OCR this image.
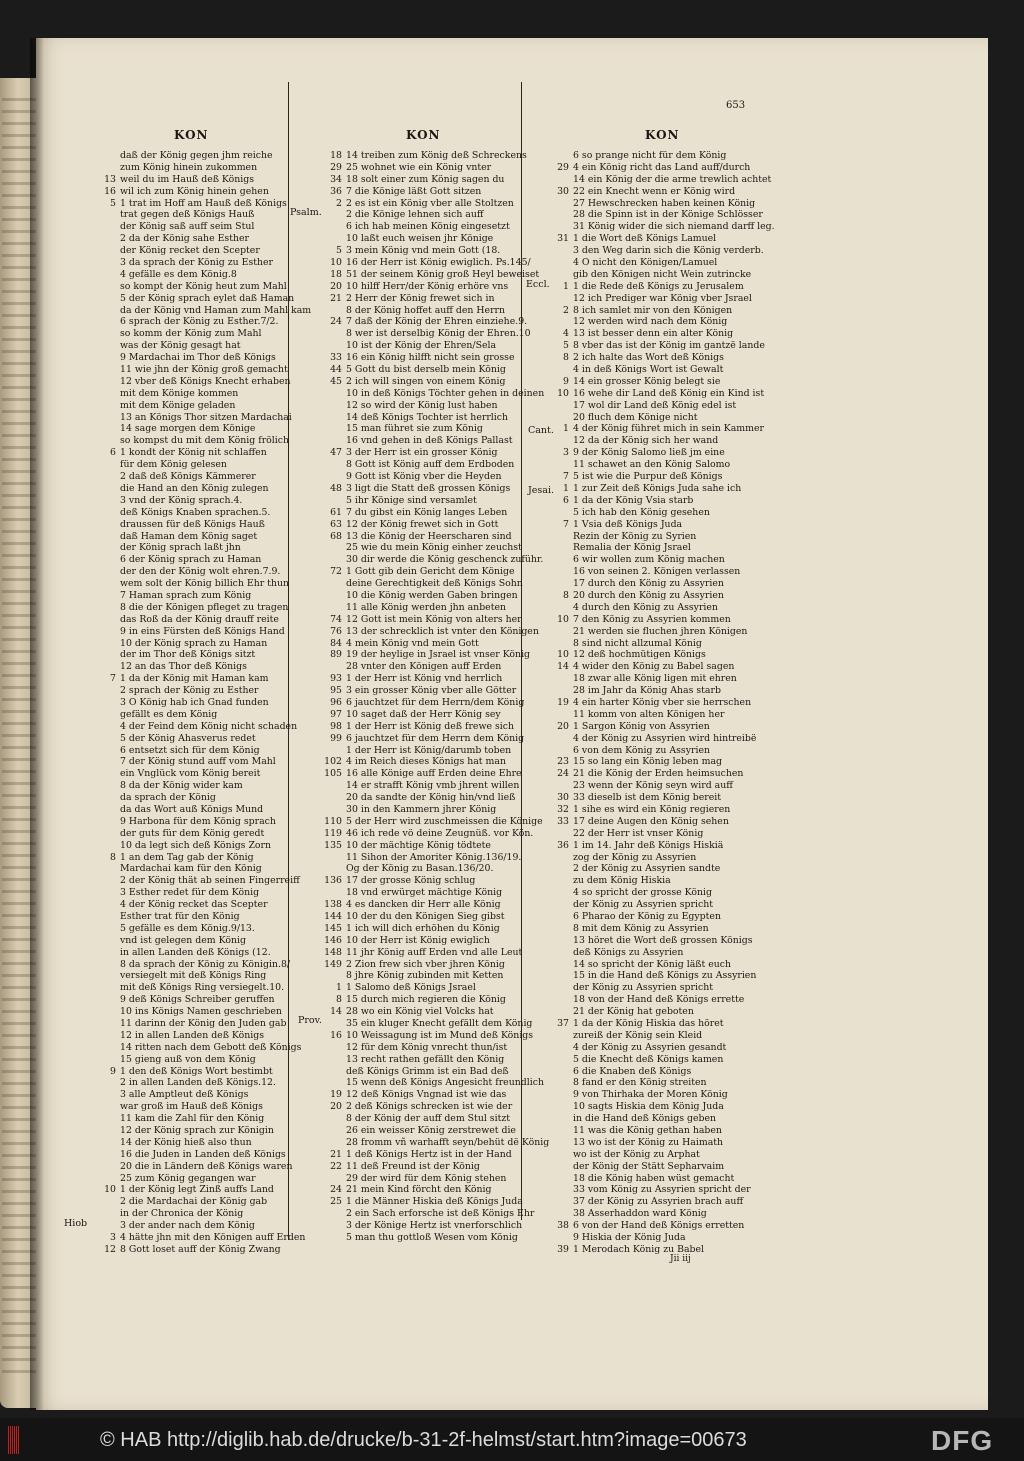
Psalm.
Eccl.
Cant.
Jesai.
Prov.
Hiob
653
Jii iij
KON
daß der König gegen jhm reiche
zum König hinein zukommen
13 weil du im Hauß deß Königs
16 wil ich zum König hinein gehen
5 1 trat im Hoff am Hauß deß Königs
trat gegen deß Königs Hauß
der König saß auff seim Stul
2 da der König sahe Esther
der König recket den Scepter
3 da sprach der König zu Esther
4 gefälle es dem König.8
so kompt der König heut zum Mahl
5 der König sprach eylet daß Haman
da der König vnd Haman zum Mahl kam
6 sprach der König zu Esther.7/2.
so komm der König zum Mahl
was der König gesagt hat
9 Mardachai im Thor deß Königs
11 wie jhn der König groß gemacht
12 vber deß Königs Knecht erhaben
mit dem Könige kommen
mit dem Könige geladen
13 an Königs Thor sitzen Mardachai
14 sage morgen dem Könige
so kompst du mit dem König frölich
6 1 kondt der König nit schlaffen
für dem König gelesen
2 daß deß Königs Kämmerer
die Hand an den König zulegen
3 vnd der König sprach.4.
deß Königs Knaben sprachen.5.
draussen für deß Königs Hauß
daß Haman dem König saget
der König sprach laßt jhn
6 der König sprach zu Haman
der den der König wolt ehren.7.9.
wem solt der König billich Ehr thun
7 Haman sprach zum König
8 die der Königen pfleget zu tragen
das Roß da der König drauff reite
9 in eins Fürsten deß Königs Hand
10 der König sprach zu Haman
der im Thor deß Königs sitzt
12 an das Thor deß Königs
7 1 da der König mit Haman kam
2 sprach der König zu Esther
3 O König hab ich Gnad funden
gefällt es dem König
4 der Feind dem König nicht schaden
5 der König Ahasverus redet
6 entsetzt sich für dem König
7 der König stund auff vom Mahl
ein Vnglück vom König bereit
8 da der König wider kam
da sprach der König
da das Wort auß Königs Mund
9 Harbona für dem König sprach
der guts für dem König geredt
10 da legt sich deß Königs Zorn
8 1 an dem Tag gab der König
Mardachai kam für den König
2 der König thät ab seinen Fingerreiff
3 Esther redet für dem König
4 der König recket das Scepter
Esther trat für den König
5 gefälle es dem König.9/13.
vnd ist gelegen dem König
in allen Landen deß Königs (12.
8 da sprach der König zu Königin.8/
versiegelt mit deß Königs Ring
mit deß Königs Ring versiegelt.10.
9 deß Königs Schreiber geruffen
10 ins Königs Namen geschrieben
11 darinn der König den Juden gab
12 in allen Landen deß Königs
14 ritten nach dem Gebott deß Königs
15 gieng auß von dem König
9 1 den deß Königs Wort bestimbt
2 in allen Landen deß Königs.12.
3 alle Amptleut deß Königs
war groß im Hauß deß Königs
11 kam die Zahl für den König
12 der König sprach zur Königin
14 der König hieß also thun
16 die Juden in Landen deß Königs
20 die in Ländern deß Königs waren
25 zum König gegangen war
10 1 der König legt Zinß auffs Land
2 die Mardachai der König gab
in der Chronica der König
3 der ander nach dem König
3 4 hätte jhn mit den Königen auff Erden
12 8 Gott loset auff der König Zwang
KON
18 14 treiben zum König deß Schreckens
29 25 wohnet wie ein König vnter
34 18 solt einer zum König sagen du
36 7 die Könige läßt Gott sitzen
2 2 es ist ein König vber alle Stoltzen
2 die Könige lehnen sich auff
6 ich hab meinen König eingesetzt
10 laßt euch weisen jhr Könige
5 3 mein König vnd mein Gott (18.
10 16 der Herr ist König ewiglich. Ps.145/
18 51 der seinem König groß Heyl beweiset
20 10 hilff Herr/der König erhöre vns
21 2 Herr der König frewet sich in
8 der König hoffet auff den Herrn
24 7 daß der König der Ehren einziehe.9.
8 wer ist derselbig König der Ehren.10
10 ist der König der Ehren/Sela
33 16 ein König hilfft nicht sein grosse
44 5 Gott du bist derselb mein König
45 2 ich will singen von einem König
10 in deß Königs Töchter gehen in deinen
12 so wird der König lust haben
14 deß Königs Tochter ist herrlich
15 man führet sie zum König
16 vnd gehen in deß Königs Pallast
47 3 der Herr ist ein grosser König
8 Gott ist König auff dem Erdboden
9 Gott ist König vber die Heyden
48 3 ligt die Statt deß grossen Königs
5 ihr Könige sind versamlet
61 7 du gibst ein König langes Leben
63 12 der König frewet sich in Gott
68 13 die König der Heerscharen sind
25 wie du mein König einher zeuchst
30 dir werde die König geschenck zuführ.
72 1 Gott gib dein Gericht dem Könige
deine Gerechtigkeit deß Königs Sohn
10 die König werden Gaben bringen
11 alle König werden jhn anbeten
74 12 Gott ist mein König von alters her
76 13 der schrecklich ist vnter den Königen
84 4 mein König vnd mein Gott
89 19 der heylige in Jsrael ist vnser König
28 vnter den Königen auff Erden
93 1 der Herr ist König vnd herrlich
95 3 ein grosser König vber alle Götter
96 6 jauchtzet für dem Herrn/dem König
97 10 saget daß der Herr König sey
98 1 der Herr ist König deß frewe sich
99 6 jauchtzet für dem Herrn dem König
1 der Herr ist König/darumb toben
102 4 im Reich dieses Königs hat man
105 16 alle Könige auff Erden deine Ehre
14 er strafft König vmb jhrent willen
20 da sandte der König hin/vnd ließ
30 in den Kammern jhrer König
110 5 der Herr wird zuschmeissen die Könige
119 46 ich rede vö deine Zeugnüß. vor Kön.
135 10 der mächtige König tödtete
11 Sihon der Amoriter König.136/19.
Og der König zu Basan.136/20.
136 17 der grosse König schlug
18 vnd erwürget mächtige König
138 4 es dancken dir Herr alle König
144 10 der du den Königen Sieg gibst
145 1 ich will dich erhöhen du König
146 10 der Herr ist König ewiglich
148 11 jhr König auff Erden vnd alle Leut
149 2 Zion frew sich vber jhren König
8 jhre König zubinden mit Ketten
1 1 Salomo deß Königs Jsrael
8 15 durch mich regieren die König
14 28 wo ein König viel Volcks hat
35 ein kluger Knecht gefällt dem König
16 10 Weissagung ist im Mund deß Königs
12 für dem König vnrecht thun/ist
13 recht rathen gefällt den König
deß Königs Grimm ist ein Bad deß
15 wenn deß Königs Angesicht freundlich
19 12 deß Königs Vngnad ist wie das
20 2 deß Königs schrecken ist wie der
8 der König der auff dem Stul sitzt
26 ein weisser König zerstrewet die
28 fromm vñ warhafft seyn/behüt dë König
21 1 deß Königs Hertz ist in der Hand
22 11 deß Freund ist der König
29 der wird für dem König stehen
24 21 mein Kind förcht den König
25 1 die Männer Hiskia deß Königs Juda
2 ein Sach erforsche ist deß Königs Ehr
3 der Könige Hertz ist vnerforschlich
5 man thu gottloß Wesen vom König
KON
6 so prange nicht für dem König
29 4 ein König richt das Land auff/durch
14 ein König der die arme trewlich achtet
30 22 ein Knecht wenn er König wird
27 Hewschrecken haben keinen König
28 die Spinn ist in der Könige Schlösser
31 König wider die sich niemand darff leg.
31 1 die Wort deß Königs Lamuel
3 den Weg darin sich die König verderb.
4 O nicht den Königen/Lamuel
gib den Königen nicht Wein zutrincke
1 1 die Rede deß Königs zu Jerusalem
12 ich Prediger war König vber Jsrael
2 8 ich samlet mir von den Königen
12 werden wird nach dem König
4 13 ist besser denn ein alter König
5 8 vber das ist der König im gantzë lande
8 2 ich halte das Wort deß Königs
4 in deß Königs Wort ist Gewalt
9 14 ein grosser König belegt sie
10 16 wehe dir Land deß König ein Kind ist
17 wol dir Land deß König edel ist
20 fluch dem Könige nicht
1 4 der König führet mich in sein Kammer
12 da der König sich her wand
3 9 der König Salomo ließ jm eine
11 schawet an den König Salomo
7 5 ist wie die Purpur deß Königs
1 1 zur Zeit deß Königs Juda sahe ich
6 1 da der König Vsia starb
5 ich hab den König gesehen
7 1 Vsia deß Königs Juda
Rezin der König zu Syrien
Remalia der König Jsrael
6 wir wollen zum König machen
16 von seinen 2. Königen verlassen
17 durch den König zu Assyrien
8 20 durch den König zu Assyrien
4 durch den König zu Assyrien
10 7 den König zu Assyrien kommen
21 werden sie fluchen jhren Königen
8 sind nicht allzumal König
10 12 deß hochmütigen Königs
14 4 wider den König zu Babel sagen
18 zwar alle König ligen mit ehren
28 im Jahr da König Ahas starb
19 4 ein harter König vber sie herrschen
11 komm von alten Königen her
20 1 Sargon König von Assyrien
4 der König zu Assyrien wird hintreibë
6 von dem König zu Assyrien
23 15 so lang ein König leben mag
24 21 die König der Erden heimsuchen
23 wenn der König seyn wird auff
30 33 dieselb ist dem König bereit
32 1 sihe es wird ein König regieren
33 17 deine Augen den König sehen
22 der Herr ist vnser König
36 1 im 14. Jahr deß Königs Hiskiä
zog der König zu Assyrien
2 der König zu Assyrien sandte
zu dem König Hiskia
4 so spricht der grosse König
der König zu Assyrien spricht
6 Pharao der König zu Egypten
8 mit dem König zu Assyrien
13 höret die Wort deß grossen Königs
deß Königs zu Assyrien
14 so spricht der König läßt euch
15 in die Hand deß Königs zu Assyrien
der König zu Assyrien spricht
18 von der Hand deß Königs errette
21 der König hat geboten
37 1 da der König Hiskia das höret
zureiß der König sein Kleid
4 der König zu Assyrien gesandt
5 die Knecht deß Königs kamen
6 die Knaben deß Königs
8 fand er den König streiten
9 von Thirhaka der Moren König
10 sagts Hiskia dem König Juda
in die Hand deß Königs geben
11 was die König gethan haben
13 wo ist der König zu Haimath
wo ist der König zu Arphat
der König der Stätt Sepharvaim
18 die König haben wüst gemacht
33 vom König zu Assyrien spricht der
37 der König zu Assyrien brach auff
38 Asserhaddon ward König
38 6 von der Hand deß Königs erretten
9 Hiskia der König Juda
39 1 Merodach König zu Babel
© HAB http://diglib.hab.de/drucke/b-31-2f-helmst/start.htm?image=00673	DFG
